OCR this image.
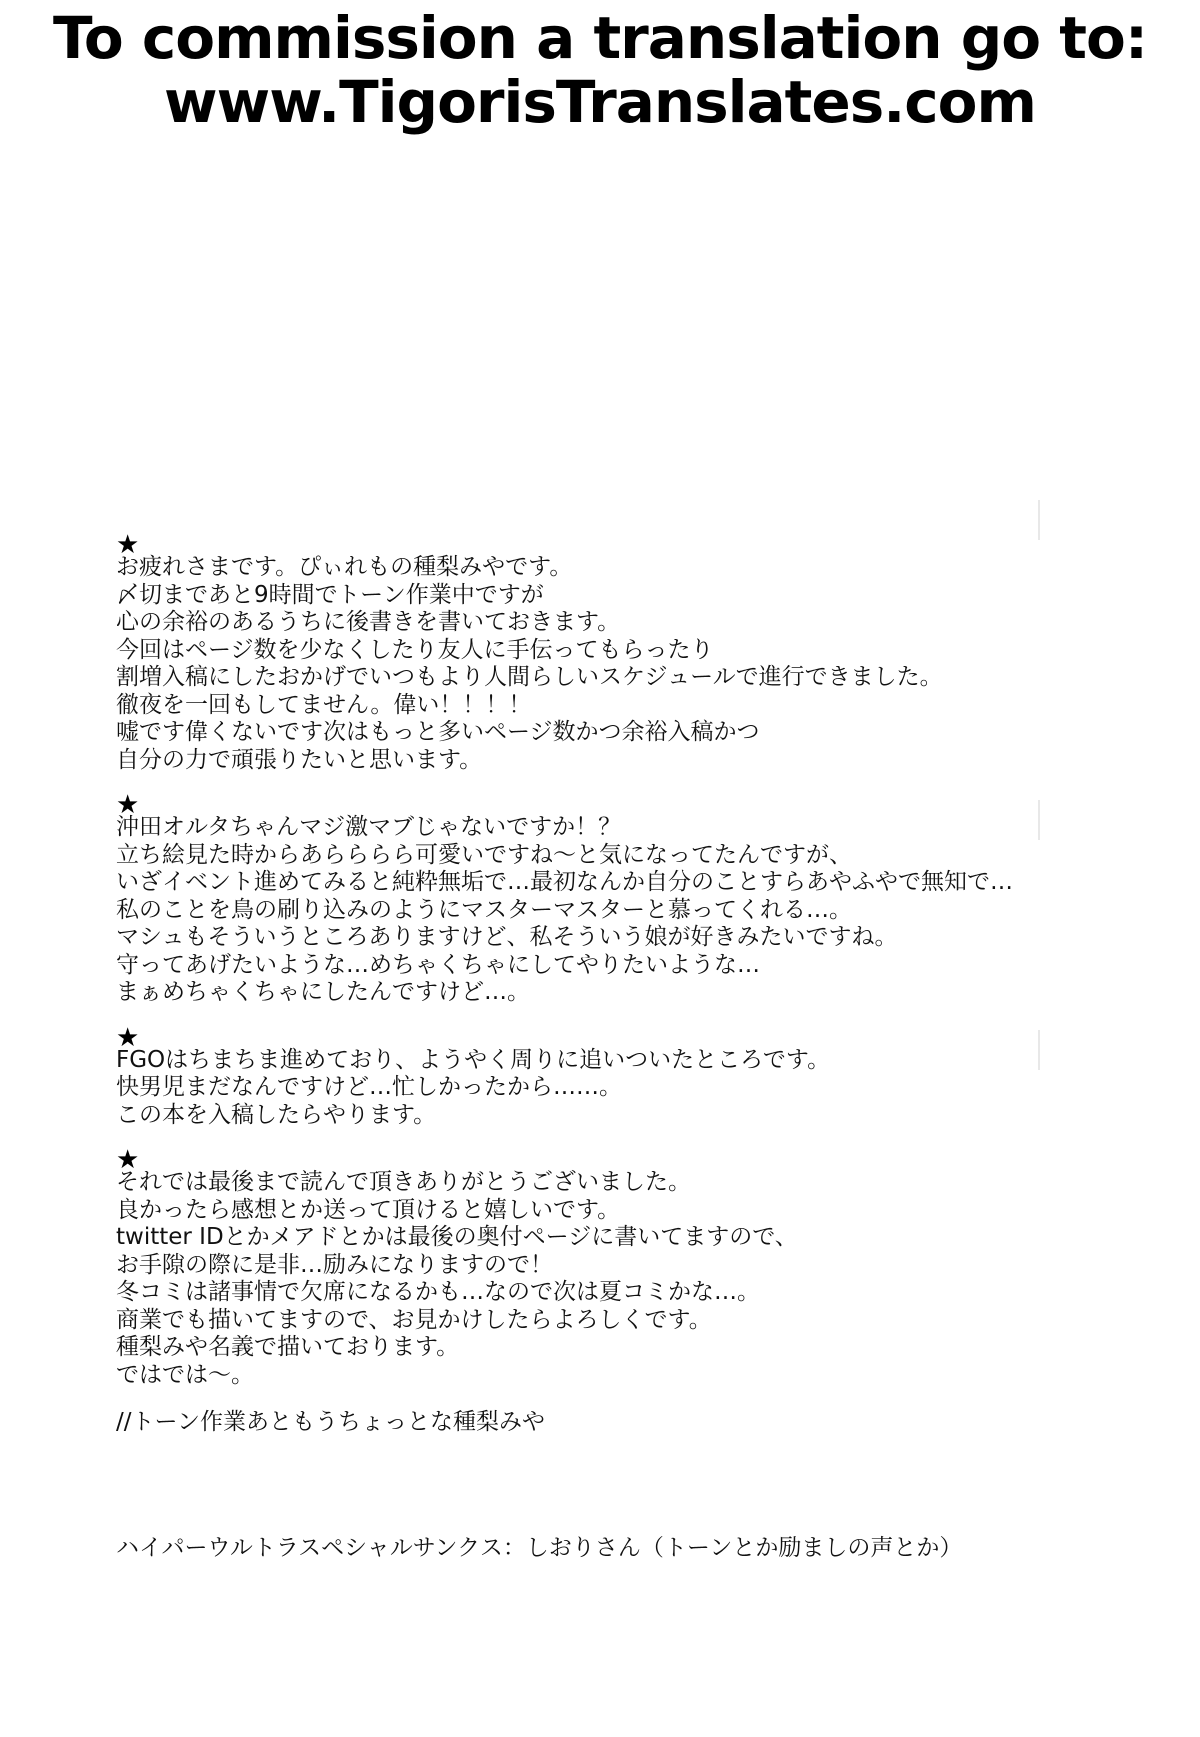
To commission a translation go to:
www.TigorisTranslates.com
★
お疲れさまです。ぴぃれもの種梨みやです。
〆切まであと9時間でトーン作業中ですが
心の余裕のあるうちに後書きを書いておきます。
今回はページ数を少なくしたり友人に手伝ってもらったり
割増入稿にしたおかげでいつもより人間らしいスケジュールで進行できました。
徹夜を一回もしてません。偉い！！！！
嘘です偉くないです次はもっと多いページ数かつ余裕入稿かつ
自分の力で頑張りたいと思います。
★
沖田オルタちゃんマジ激マブじゃないですか！？
立ち絵見た時からあらららら可愛いですね～と気になってたんですが、
いざイベント進めてみると純粋無垢で…最初なんか自分のことすらあやふやで無知で…
私のことを鳥の刷り込みのようにマスターマスターと慕ってくれる…。
マシュもそういうところありますけど、私そういう娘が好きみたいですね。
守ってあげたいような…めちゃくちゃにしてやりたいような…
まぁめちゃくちゃにしたんですけど…。
★
FGOはちまちま進めており、ようやく周りに追いついたところです。
快男児まだなんですけど…忙しかったから……。
この本を入稿したらやります。
★
それでは最後まで読んで頂きありがとうございました。
良かったら感想とか送って頂けると嬉しいです。
twitter IDとかメアドとかは最後の奥付ページに書いてますので、
お手隙の際に是非…励みになりますので！
冬コミは諸事情で欠席になるかも…なので次は夏コミかな…。
商業でも描いてますので、お見かけしたらよろしくです。
種梨みや名義で描いております。
ではでは～。
//トーン作業あともうちょっとな種梨みや
ハイパーウルトラスペシャルサンクス：しおりさん（トーンとか励ましの声とか）
